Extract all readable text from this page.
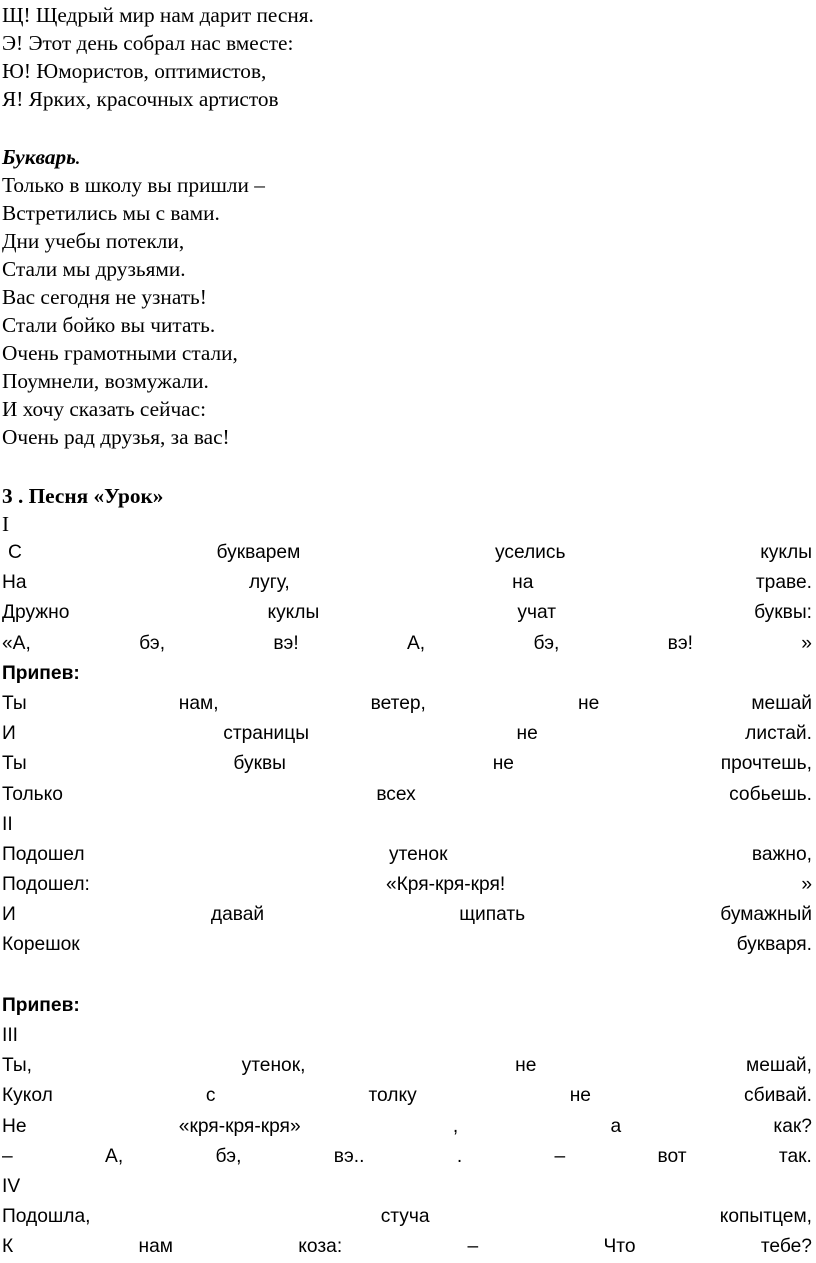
Щ! Щедрый мир нам дарит песня.
Э! Этот день собрал нас вместе:
Ю! Юмористов, оптимистов,
Я! Ярких, красочных артистов
Букварь.
Только в школу вы пришли –
Встретились мы с вами.
Дни учебы потекли,
Стали мы друзьями.
Вас сегодня не узнать!
Стали бойко вы читать.
Очень грамотными стали,
Поумнели, возмужали.
И хочу сказать сейчас:
Очень рад друзья, за вас!
3 . Песня «Урок»
I
С	букварем	уселись	куклы
На	лугу,	на	траве.
Дружно	куклы	учат	буквы:
«А,	бэ,	вэ!	А,	бэ,	вэ!	»
Припев:
Ты	нам,	ветер,	не	мешай
И	страницы	не	листай.
Ты	буквы	не	прочтешь,
Только	всех	собьешь.
II
Подошел	утенок	важно,
Подошел:	«Кря-кря-кря!	»
И	давай	щипать	бумажный
Корешок	букваря.
Припев:
III
Ты,	утенок,	не	мешай,
Кукол	с	толку	не	сбивай.
Не	«кря-кря-кря»	,	а	как?
–	А,	бэ,	вэ..	.	–	вот	так.
IV
Подошла,	стуча	копытцем,
К	нам	коза:	–	Что	тебе?
